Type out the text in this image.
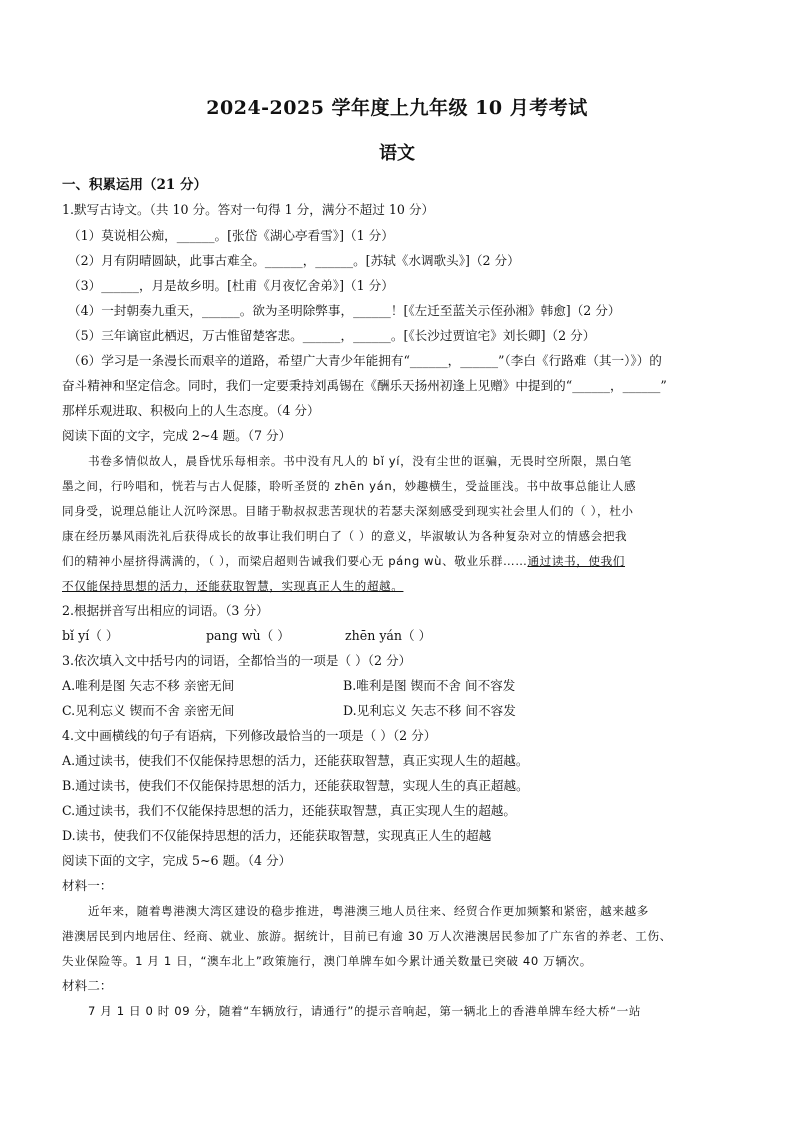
2024-2025 学年度上九年级 10 月考考试
语文
一、积累运用（21 分）
1.默写古诗文。（共 10 分。答对一句得 1 分，满分不超过 10 分）
（1）莫说相公痴，______。[张岱《湖心亭看雪》]（1 分）
（2）月有阴晴圆缺，此事古难全。______，______。[苏轼《水调歌头》]（2 分）
（3）______，月是故乡明。[杜甫《月夜忆舍弟》]（1 分）
（4）一封朝奏九重天，______。欲为圣明除弊事，______！[《左迁至蓝关示侄孙湘》韩愈]（2 分）
（5）三年谪宦此栖迟，万古惟留楚客悲。______，______。[《长沙过贾谊宅》刘长卿]（2 分）
（6）学习是一条漫长而艰辛的道路，希望广大青少年能拥有“______，______”（李白《行路难（其一）》）的
奋斗精神和坚定信念。同时，我们一定要秉持刘禹锡在《酬乐天扬州初逢上见赠》中提到的“______，______”
那样乐观进取、积极向上的人生态度。（4 分）
阅读下面的文字，完成 2~4 题。（7 分）
书卷多情似故人，晨昏忧乐每相亲。书中没有凡人的 bǐ yí，没有尘世的诓骗，无畏时空所限，黑白笔
墨之间，行吟唱和，恍若与古人促膝，聆听圣贤的 zhēn yán，妙趣横生，受益匪浅。书中故事总能让人感
同身受，说理总能让人沉吟深思。目睹于勒叔叔悲苦现状的若瑟夫深刻感受到现实社会里人们的（ ），杜小
康在经历暴风雨洗礼后获得成长的故事让我们明白了（ ）的意义，毕淑敏认为各种复杂对立的情感会把我
们的精神小屋挤得满满的，（ ），而梁启超则告诫我们要心无 páng wù、敬业乐群……通过读书，使我们
不仅能保持思想的活力，还能获取智慧，实现真正人生的超越。
2.根据拼音写出相应的词语。（3 分）
bǐ yí（ ）	pang wù（ ）	zhēn yán（ ）
3.依次填入文中括号内的词语，全都恰当的一项是（ ）（2 分）
A.唯利是图 矢志不移 亲密无间	B.唯利是图 锲而不舍 间不容发
C.见利忘义 锲而不舍 亲密无间	D.见利忘义 矢志不移 间不容发
4.文中画横线的句子有语病，下列修改最恰当的一项是（ ）（2 分）
A.通过读书，使我们不仅能保持思想的活力，还能获取智慧，真正实现人生的超越。
B.通过读书，使我们不仅能保持思想的活力，还能获取智慧，实现人生的真正超越。
C.通过读书，我们不仅能保持思想的活力，还能获取智慧，真正实现人生的超越。
D.读书，使我们不仅能保持思想的活力，还能获取智慧，实现真正人生的超越
阅读下面的文字，完成 5~6 题。（4 分）
材料一：
近年来，随着粤港澳大湾区建设的稳步推进，粤港澳三地人员往来、经贸合作更加频繁和紧密，越来越多
港澳居民到内地居住、经商、就业、旅游。据统计，目前已有逾 30 万人次港澳居民参加了广东省的养老、工伤、
失业保险等。1 月 1 日，“澳车北上”政策施行，澳门单牌车如今累计通关数量已突破 40 万辆次。
材料二：
7 月 1 日 0 时 09 分，随着“车辆放行，请通行”的提示音响起，第一辆北上的香港单牌车经大桥“一站
